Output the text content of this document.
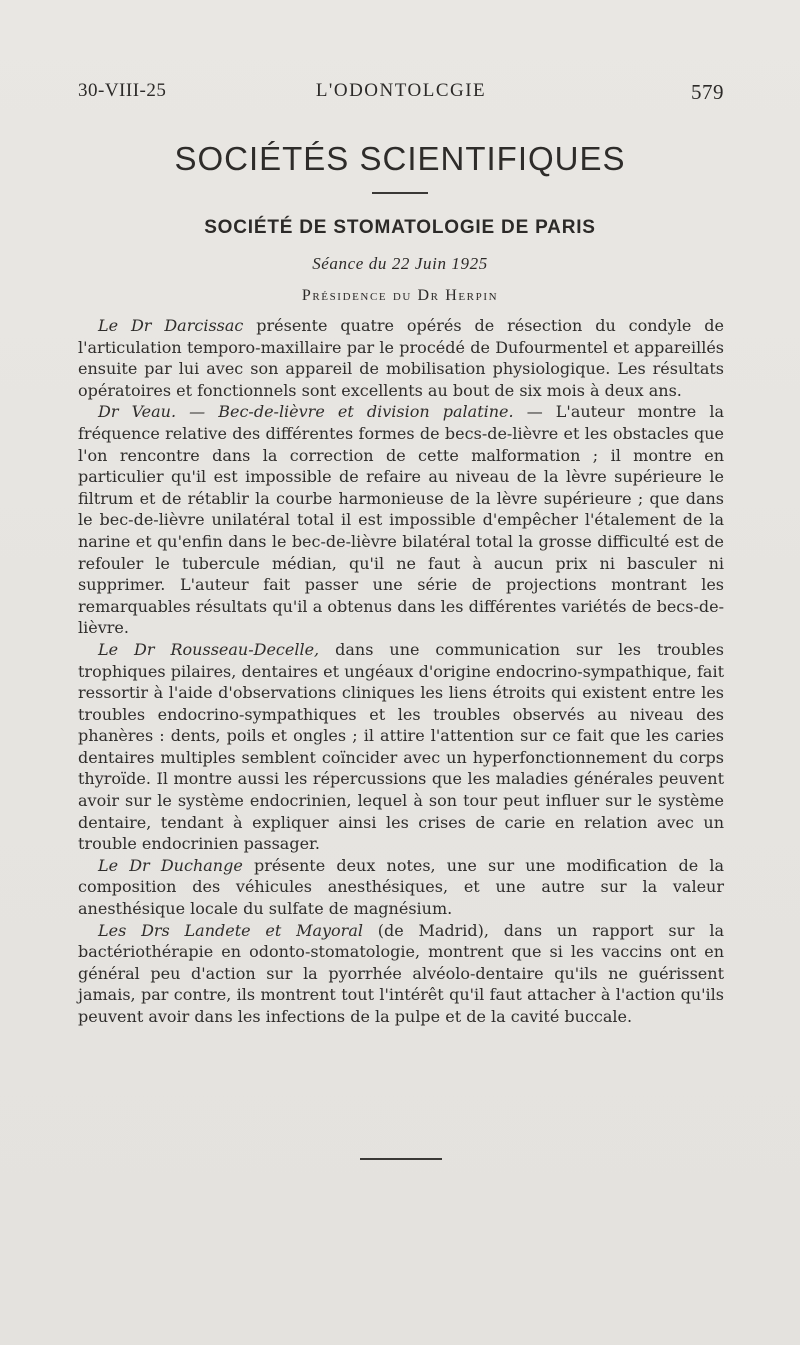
30-VIII-25	L'ODONTOLCGIE	579
SOCIÉTÉS SCIENTIFIQUES
SOCIÉTÉ DE STOMATOLOGIE DE PARIS
Séance du 22 Juin 1925
Présidence du Dr Herpin

Le Dr Darcissac présente quatre opérés de résection du condyle de l'articulation temporo-maxillaire par le procédé de Dufourmentel et appareillés ensuite par lui avec son appareil de mobilisation physiologique. Les résultats opératoires et fonctionnels sont excellents au bout de six mois à deux ans.

Dr Veau. — Bec-de-lièvre et division palatine. — L'auteur montre la fréquence relative des différentes formes de becs-de-lièvre et les obstacles que l'on rencontre dans la correction de cette malformation ; il montre en particulier qu'il est impossible de refaire au niveau de la lèvre supérieure le filtrum et de rétablir la courbe harmonieuse de la lèvre supérieure ; que dans le bec-de-lièvre unilatéral total il est impossible d'empêcher l'étalement de la narine et qu'enfin dans le bec-de-lièvre bilatéral total la grosse difficulté est de refouler le tubercule médian, qu'il ne faut à aucun prix ni basculer ni supprimer. L'auteur fait passer une série de projections montrant les remarquables résultats qu'il a obtenus dans les différentes variétés de becs-de-lièvre.

Le Dr Rousseau-Decelle, dans une communication sur les troubles trophiques pilaires, dentaires et ungéaux d'origine endocrino-sympathique, fait ressortir à l'aide d'observations cliniques les liens étroits qui existent entre les troubles endocrino-sympathiques et les troubles observés au niveau des phanères : dents, poils et ongles ; il attire l'attention sur ce fait que les caries dentaires multiples semblent coïncider avec un hyperfonctionnement du corps thyroïde. Il montre aussi les répercussions que les maladies générales peuvent avoir sur le système endocrinien, lequel à son tour peut influer sur le système dentaire, tendant à expliquer ainsi les crises de carie en relation avec un trouble endocrinien passager.

Le Dr Duchange présente deux notes, une sur une modification de la composition des véhicules anesthésiques, et une autre sur la valeur anesthésique locale du sulfate de magnésium.

Les Drs Landete et Mayoral (de Madrid), dans un rapport sur la bactériothérapie en odonto-stomatologie, montrent que si les vaccins ont en général peu d'action sur la pyorrhée alvéolo-dentaire qu'ils ne guérissent jamais, par contre, ils montrent tout l'intérêt qu'il faut attacher à l'action qu'ils peuvent avoir dans les infections de la pulpe et de la cavité buccale.
